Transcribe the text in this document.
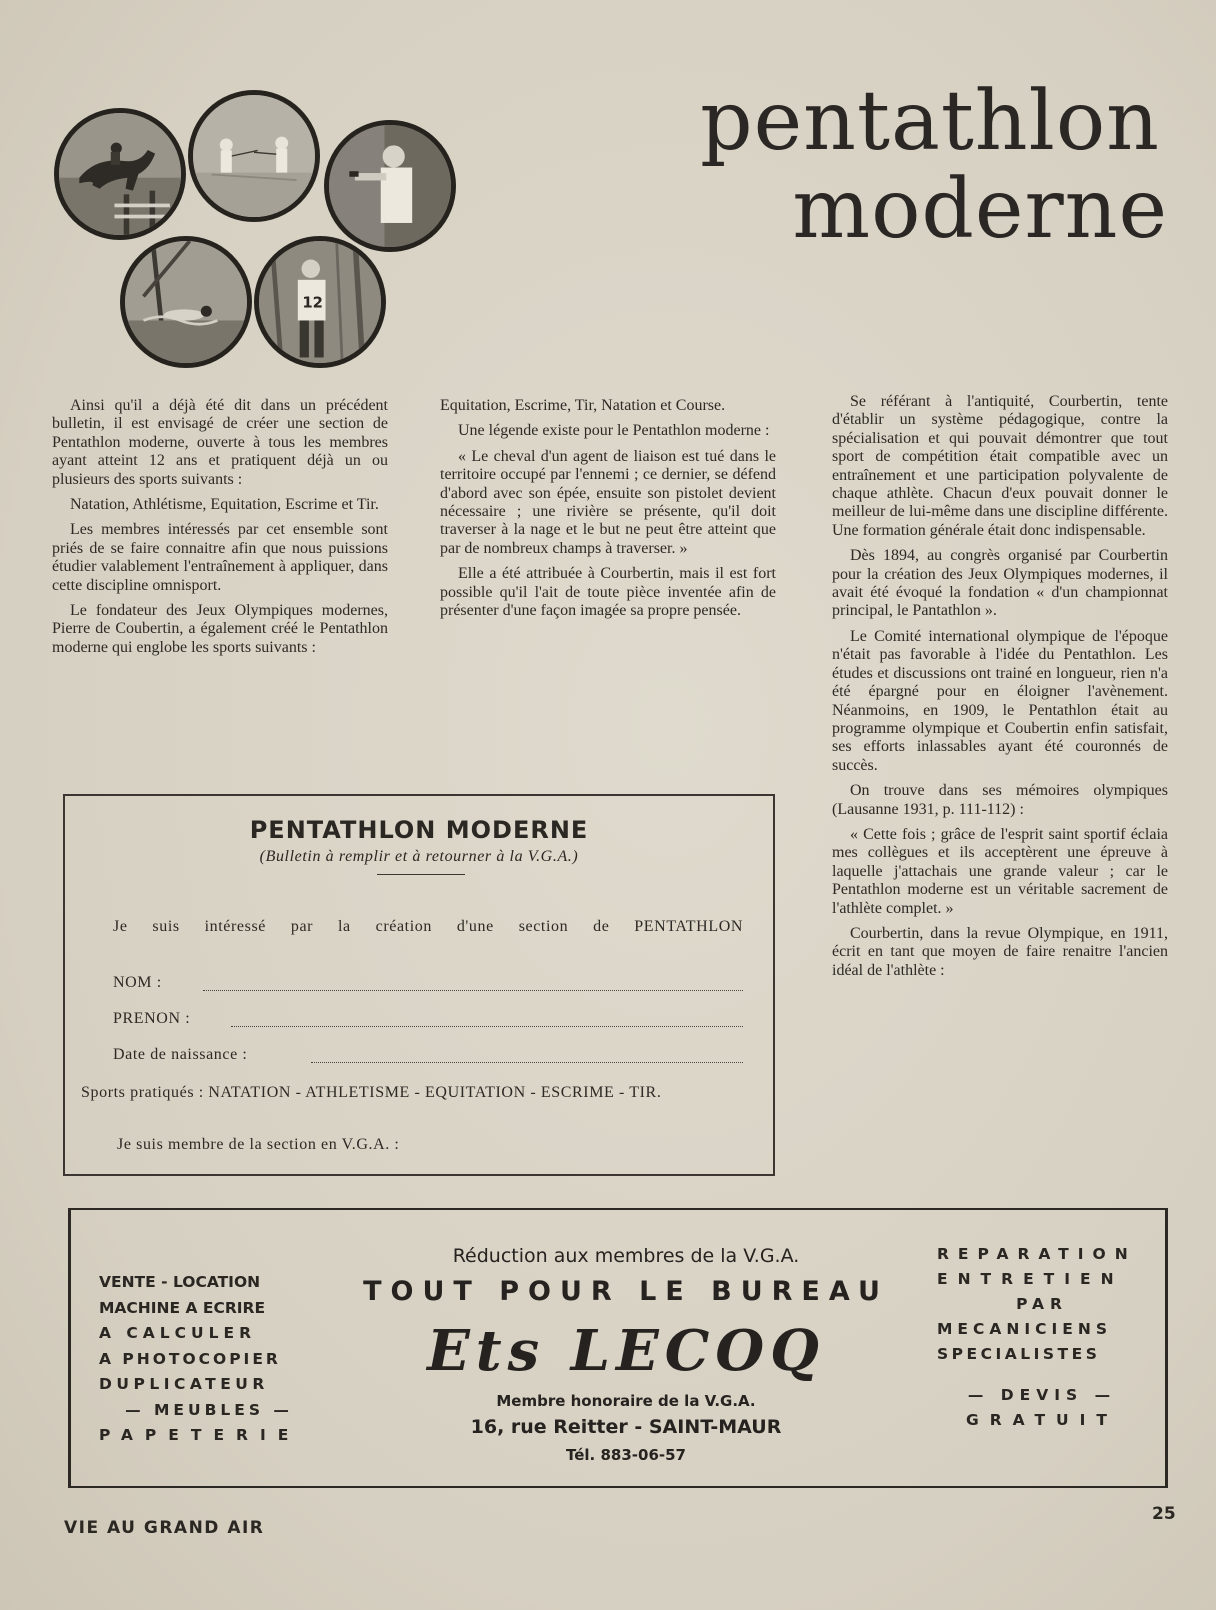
pentathlon
moderne
12

Ainsi qu'il a déjà été dit dans un précédent bulletin, il est envisagé de créer une section de Pentathlon moderne, ouverte à tous les membres ayant atteint 12 ans et pratiquent déjà un ou plusieurs des sports suivants :

Natation, Athlétisme, Equitation, Escrime et Tir.

Les membres intéressés par cet ensemble sont priés de se faire connaitre afin que nous puissions étudier valablement l'entraînement à appliquer, dans cette discipline omnisport.

Le fondateur des Jeux Olympiques modernes, Pierre de Coubertin, a également créé le Pentathlon moderne qui englobe les sports suivants :

Equitation, Escrime, Tir, Natation et Course.

Une légende existe pour le Pentathlon moderne :

« Le cheval d'un agent de liaison est tué dans le territoire occupé par l'ennemi ; ce dernier, se défend d'abord avec son épée, ensuite son pistolet devient nécessaire ; une rivière se présente, qu'il doit traverser à la nage et le but ne peut être atteint que par de nombreux champs à traverser. »

Elle a été attribuée à Courbertin, mais il est fort possible qu'il l'ait de toute pièce inventée afin de présenter d'une façon imagée sa propre pensée.

Se référant à l'antiquité, Courbertin, tente d'établir un système pédagogique, contre la spécialisation et qui pouvait démontrer que tout sport de compétition était compatible avec un entraînement et une participation polyvalente de chaque athlète. Chacun d'eux pouvait donner le meilleur de lui-même dans une discipline différente. Une formation générale était donc indispensable.

Dès 1894, au congrès organisé par Courbertin pour la création des Jeux Olympiques modernes, il avait été évoqué la fondation « d'un championnat principal, le Pantathlon ».

Le Comité international olympique de l'époque n'était pas favorable à l'idée du Pentathlon. Les études et discussions ont trainé en longueur, rien n'a été épargné pour en éloigner l'avènement. Néanmoins, en 1909, le Pentathlon était au programme olympique et Coubertin enfin satisfait, ses efforts inlassables ayant été couronnés de succès.

On trouve dans ses mémoires olympiques (Lausanne 1931, p. 111-112) :

« Cette fois ; grâce de l'esprit saint sportif éclaia mes collègues et ils acceptèrent une épreuve à laquelle j'attachais une grande valeur ; car le Pentathlon moderne est un véritable sacrement de l'athlète complet. »

Courbertin, dans la revue Olympique, en 1911, écrit en tant que moyen de faire renaitre l'ancien idéal de l'athlète :

PENTATHLON MODERNE
(Bulletin à remplir et à retourner à la V.G.A.)
Je suis intéressé par la création d'une section de PENTATHLON
NOM :
PRENON :
Date de naissance :
Sports pratiqués : NATATION - ATHLETISME - EQUITATION - ESCRIME - TIR.
Je suis membre de la section en V.G.A. :
VENTE - LOCATION
MACHINE A ECRIRE
A CALCULER
A PHOTOCOPIER
DUPLICATEUR
— MEUBLES —
PAPETERIE
Réduction aux membres de la V.G.A.
TOUT POUR LE BUREAU
Ets LECOQ
Membre honoraire de la V.G.A.
16, rue Reitter - SAINT-MAUR
Tél. 883-06-57
REPARATION
ENTRETIEN
PAR
MECANICIENS
SPECIALISTES
— DEVIS —
GRATUIT
VIE AU GRAND AIR
25
